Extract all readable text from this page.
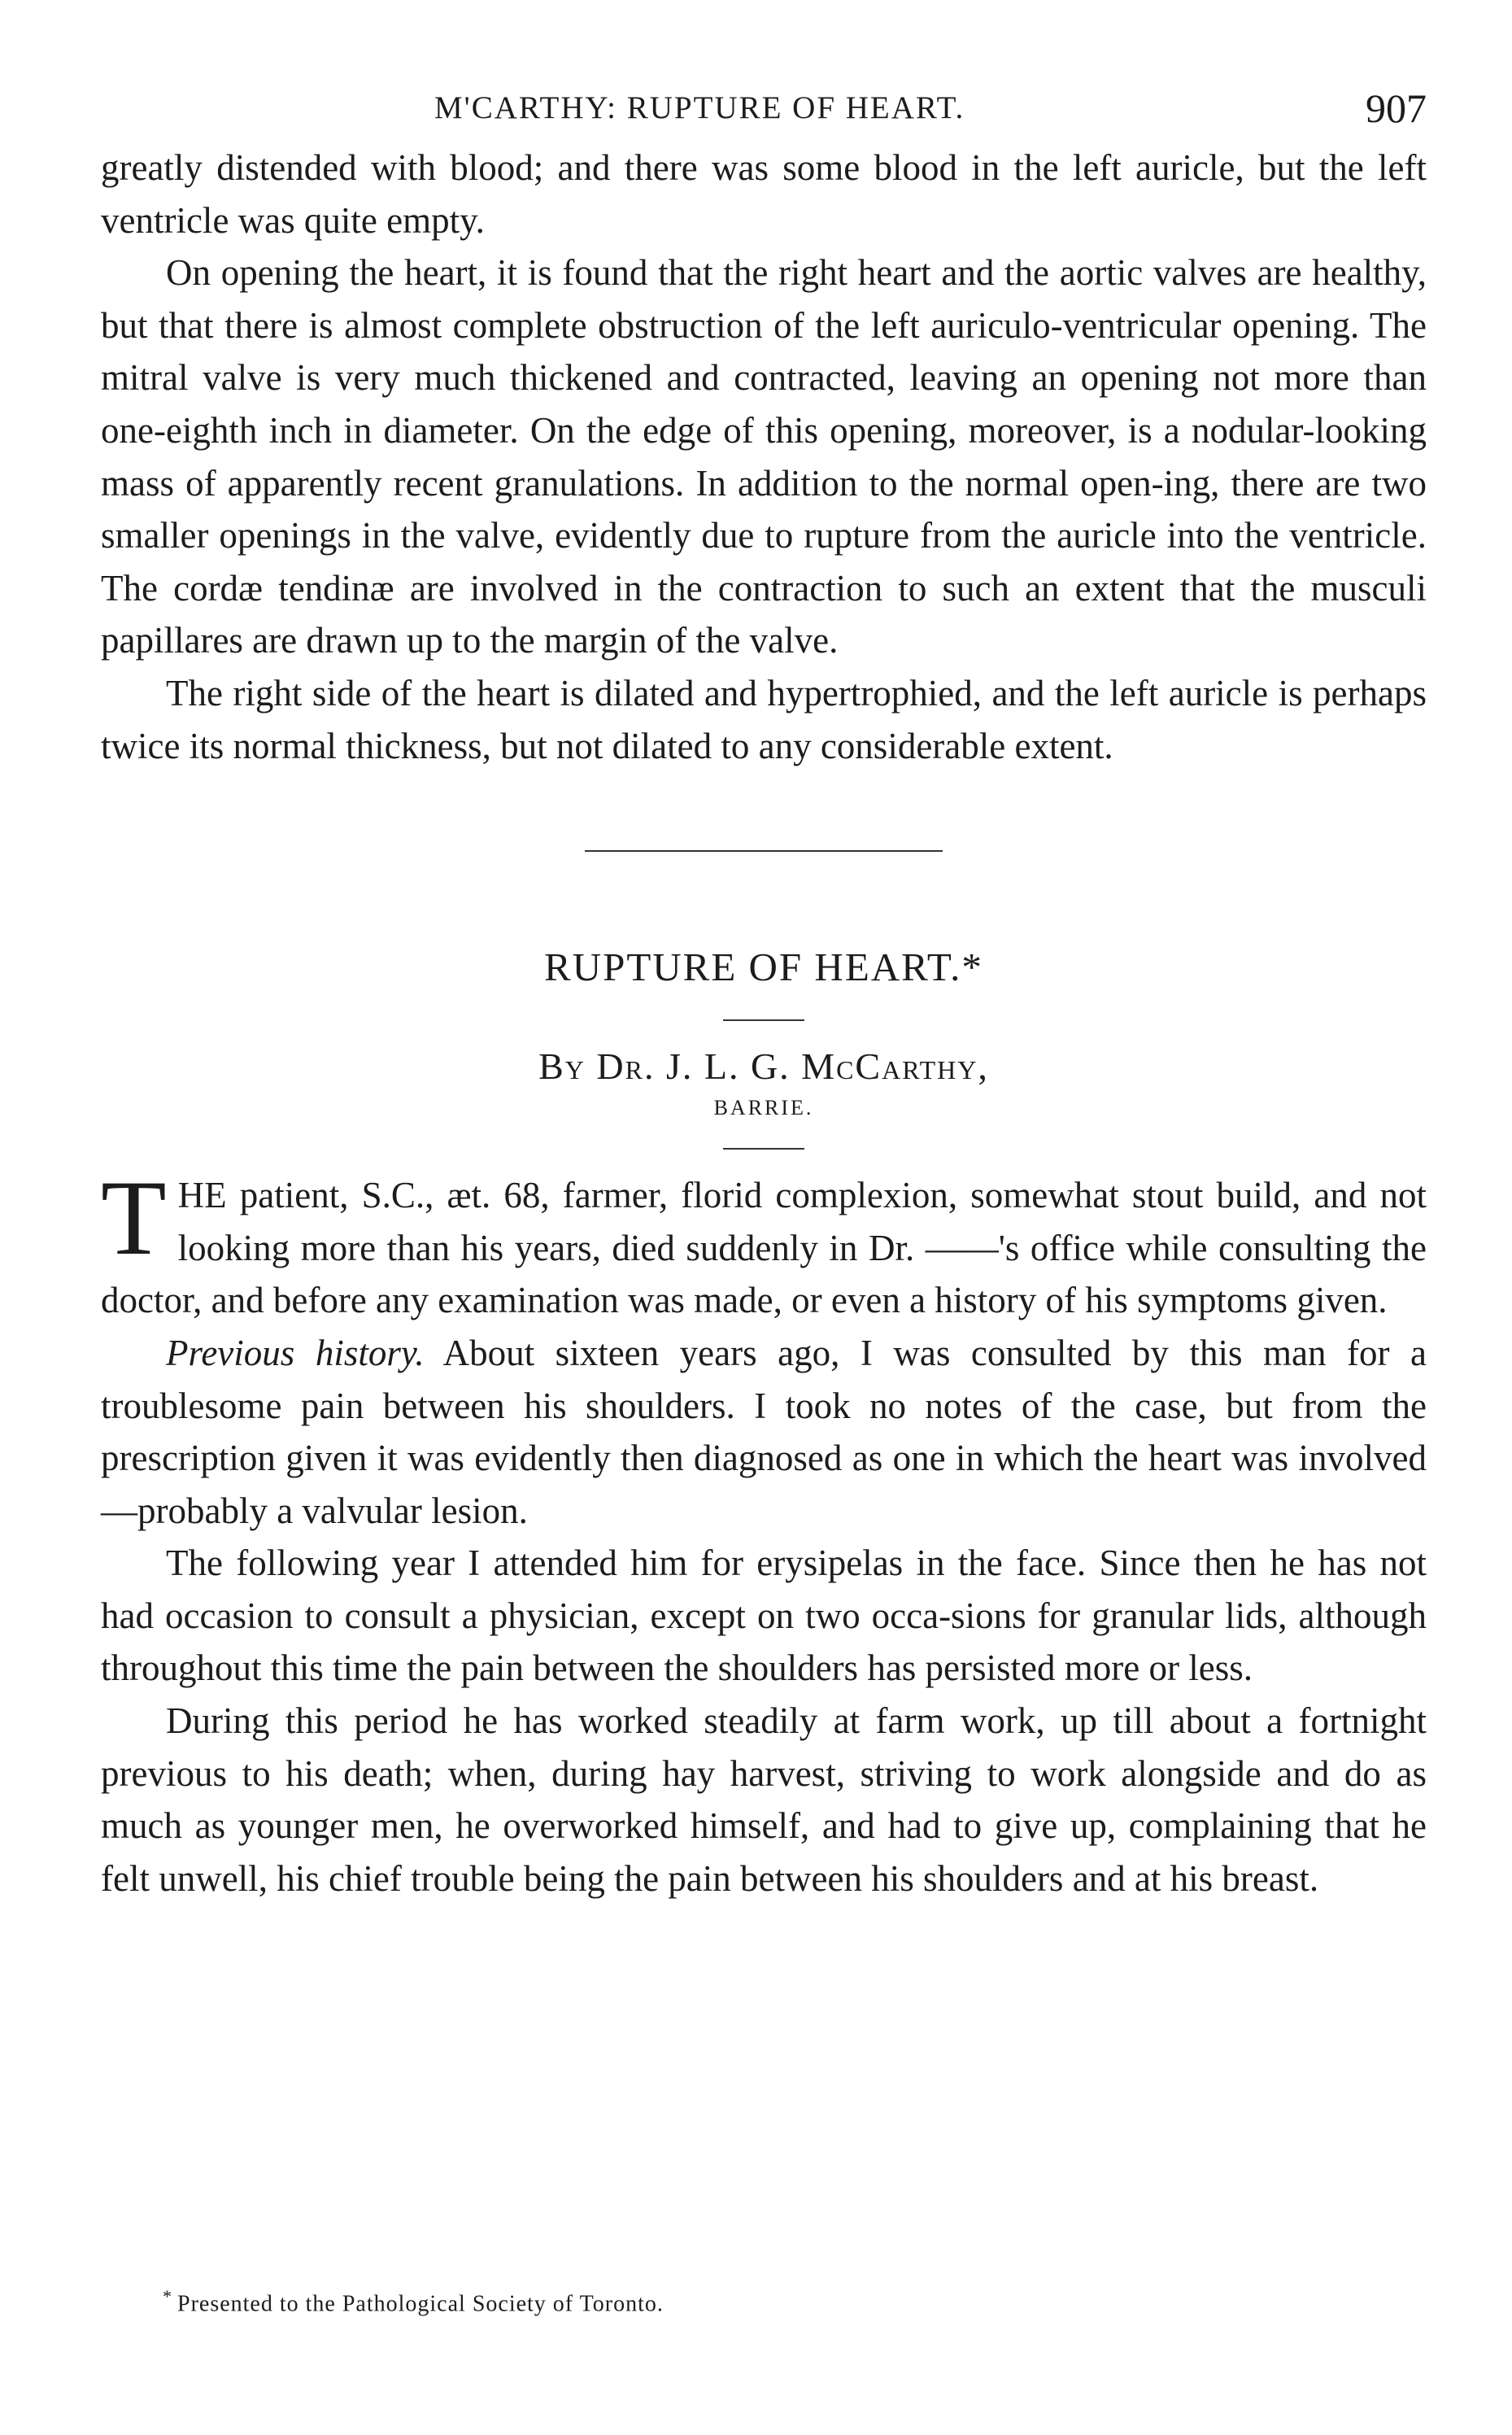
M'CARTHY: RUPTURE OF HEART.	907

greatly distended with blood; and there was some blood in the left auricle, but the left ventricle was quite empty.

On opening the heart, it is found that the right heart and the aortic valves are healthy, but that there is almost complete obstruction of the left auriculo-ventricular opening. The mitral valve is very much thickened and contracted, leaving an opening not more than one-eighth inch in diameter. On the edge of this opening, moreover, is a nodular-looking mass of apparently recent granulations. In addition to the normal open-ing, there are two smaller openings in the valve, evidently due to rupture from the auricle into the ventricle. The cordæ tendinæ are involved in the contraction to such an extent that the musculi papillares are drawn up to the margin of the valve.

The right side of the heart is dilated and hypertrophied, and the left auricle is perhaps twice its normal thickness, but not dilated to any considerable extent.

RUPTURE OF HEART.*
By Dr. J. L. G. McCarthy,
BARRIE.

THE patient, S.C., æt. 68, farmer, florid complexion, somewhat stout build, and not looking more than his years, died suddenly in Dr. ——'s office while consulting the doctor, and before any examination was made, or even a history of his symptoms given.

Previous history. About sixteen years ago, I was consulted by this man for a troublesome pain between his shoulders. I took no notes of the case, but from the prescription given it was evidently then diagnosed as one in which the heart was involved—probably a valvular lesion.

The following year I attended him for erysipelas in the face. Since then he has not had occasion to consult a physician, except on two occa-sions for granular lids, although throughout this time the pain between the shoulders has persisted more or less.

During this period he has worked steadily at farm work, up till about a fortnight previous to his death; when, during hay harvest, striving to work alongside and do as much as younger men, he overworked himself, and had to give up, complaining that he felt unwell, his chief trouble being the pain between his shoulders and at his breast.

* Presented to the Pathological Society of Toronto.
